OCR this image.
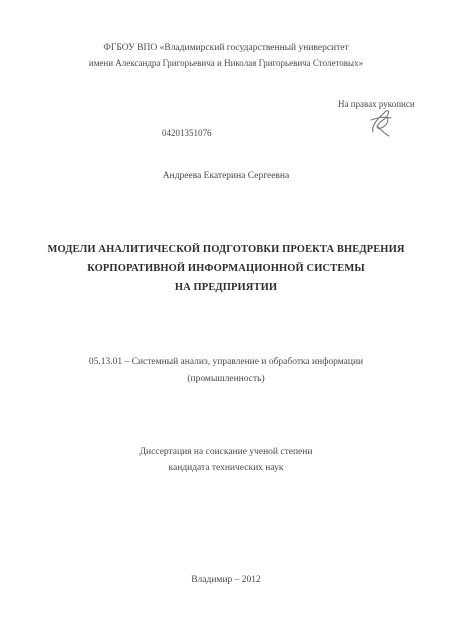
ФГБОУ ВПО «Владимирский государственный университет
имени Александра Григорьевича и Николая Григорьевича Столетовых»
На правах рукописи
04201351076
Андреева Екатерина Сергеевна
МОДЕЛИ АНАЛИТИЧЕСКОЙ ПОДГОТОВКИ ПРОЕКТА ВНЕДРЕНИЯ
КОРПОРАТИВНОЙ ИНФОРМАЦИОННОЙ СИСТЕМЫ
НА ПРЕДПРИЯТИИ
05.13.01 – Системный анализ, управление и обработка информации
(промышленность)
Диссертация на соискание ученой степени
кандидата технических наук
Владимир – 2012
